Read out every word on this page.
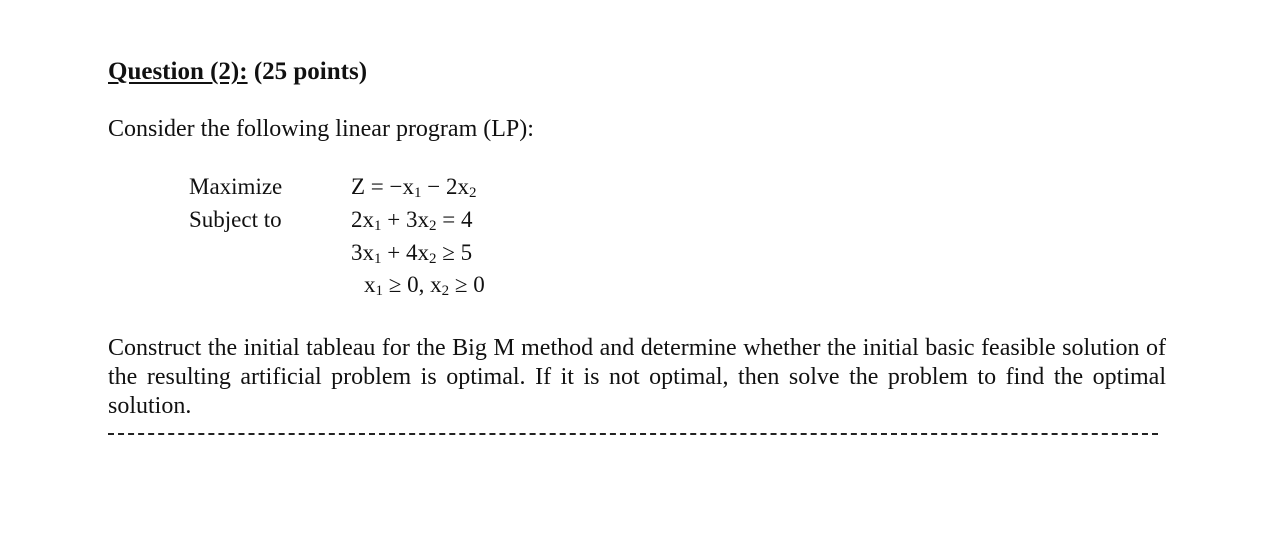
Question (2): (25 points)
Consider the following linear program (LP):
Maximize
Subject to
$Z = -x_1 - 2x_2$
$2x_1 + 3x_2 = 4$
$3x_1 + 4x_2 \ge 5$
$x_1 \ge 0$, $x_2 \ge 0$
Construct the initial tableau for the Big M method and determine whether the initial basic feasible solution of the resulting artificial problem is optimal. If it is not optimal, then solve the problem to find the optimal solution.
